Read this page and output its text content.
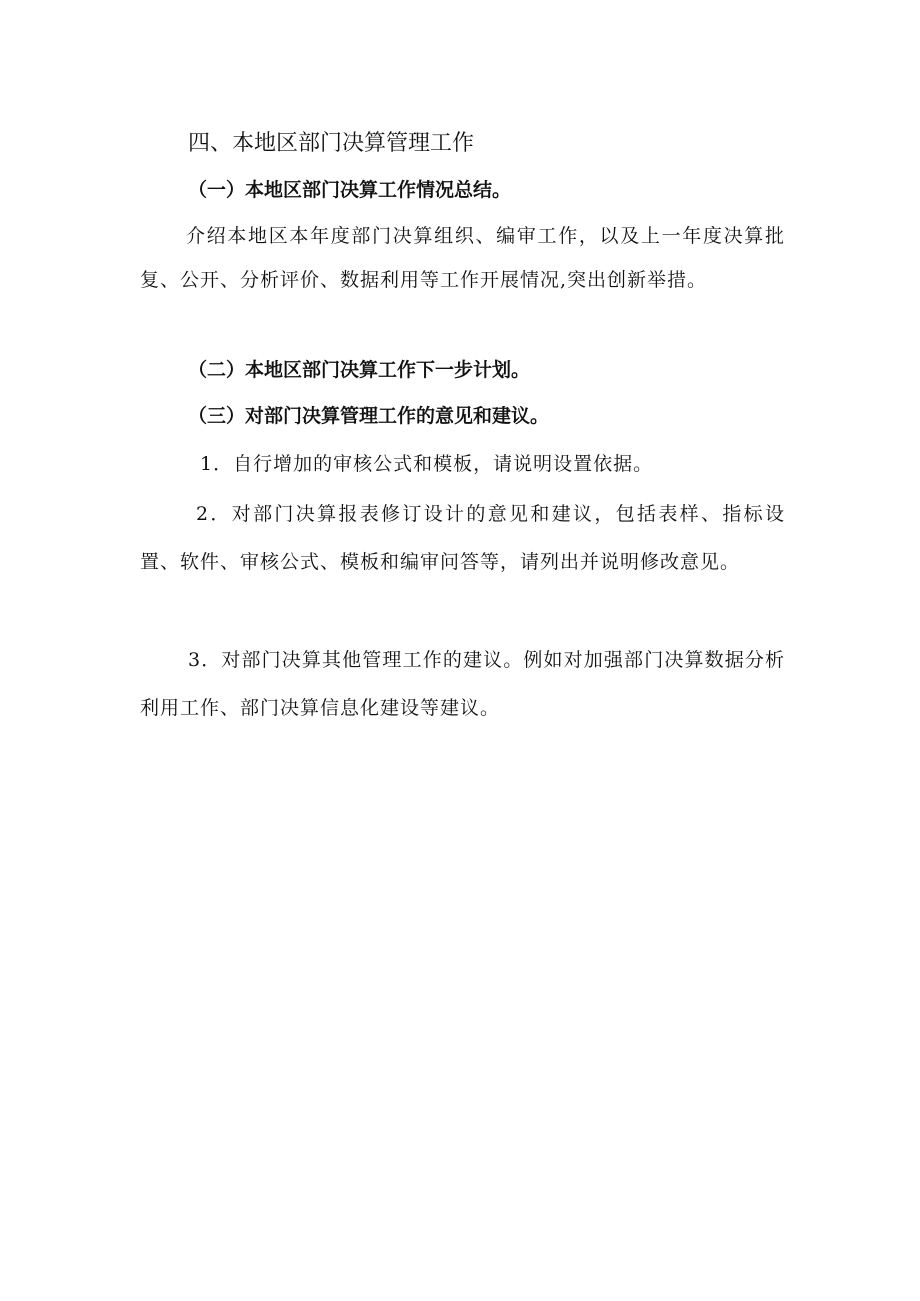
四、本地区部门决算管理工作

（一）本地区部门决算工作情况总结。

介绍本地区本年度部门决算组织、编审工作，以及上一年度决算批复、公开、分析评价、数据利用等工作开展情况,突出创新举措。

（二）本地区部门决算工作下一步计划。

（三）对部门决算管理工作的意见和建议。

1．自行增加的审核公式和模板，请说明设置依据。

2．对部门决算报表修订设计的意见和建议，包括表样、指标设置、软件、审核公式、模板和编审问答等，请列出并说明修改意见。

3．对部门决算其他管理工作的建议。例如对加强部门决算数据分析利用工作、部门决算信息化建设等建议。
